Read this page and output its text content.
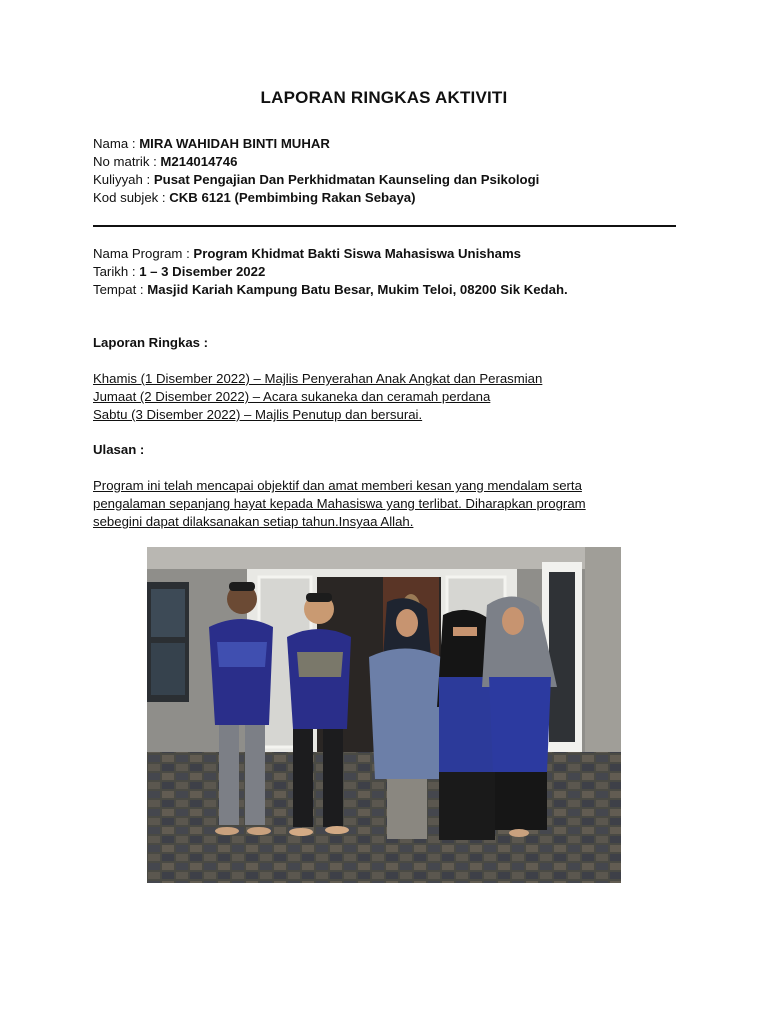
LAPORAN RINGKAS AKTIVITI
Nama : MIRA WAHIDAH BINTI MUHAR
No matrik : M214014746
Kuliyyah : Pusat Pengajian Dan Perkhidmatan Kaunseling dan Psikologi
Kod subjek : CKB 6121 (Pembimbing Rakan Sebaya)
Nama Program : Program Khidmat Bakti Siswa Mahasiswa Unishams
Tarikh : 1 – 3 Disember 2022
Tempat : Masjid Kariah Kampung Batu Besar, Mukim Teloi, 08200 Sik Kedah.
Laporan Ringkas :
Khamis (1 Disember 2022) – Majlis Penyerahan Anak Angkat dan Perasmian
Jumaat (2 Disember 2022) – Acara sukaneka dan ceramah perdana
Sabtu (3 Disember 2022) – Majlis Penutup dan bersurai.
Ulasan :
Program ini telah mencapai objektif dan amat memberi kesan yang mendalam serta
pengalaman sepanjang hayat kepada Mahasiswa yang terlibat. Diharapkan program
sebegini dapat dilaksanakan setiap tahun.Insyaa Allah.
